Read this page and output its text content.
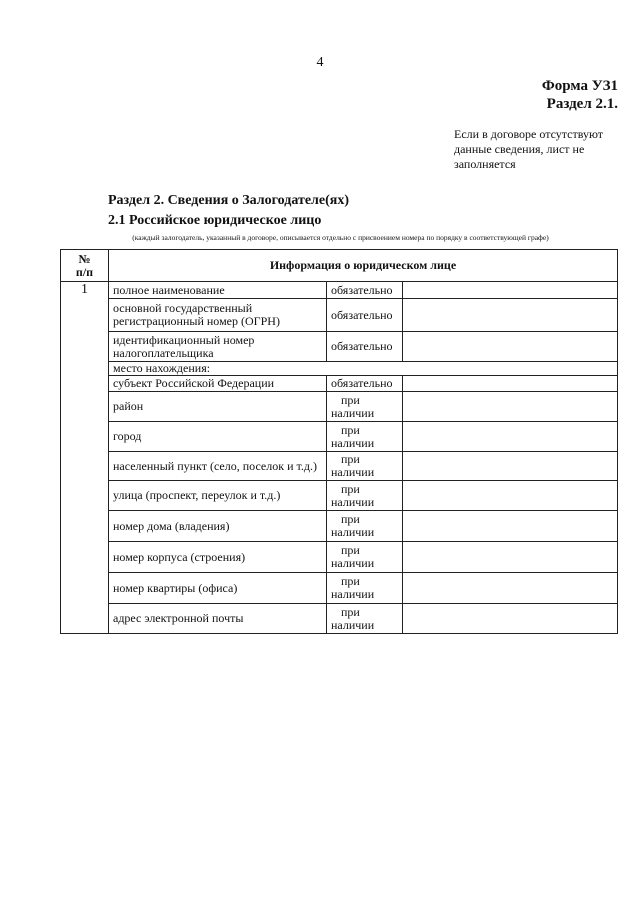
4
Форма УЗ1
Раздел 2.1.
Если в договоре отсутствуют данные сведения, лист не заполняется
Раздел 2. Сведения о Залогодателе(ях)
2.1 Российское юридическое лицо
(каждый залогодатель, указанный в договоре, описывается отдельно с присвоением номера по порядку в соответствующей графе)
№
п/п	Информация о юридическом лице		
1	полное наименование	обязательно	
	основной государственный регистрационный номер (ОГРН)	обязательно	
	идентификационный номер налогоплательщика	обязательно	
	место нахождения:		
	субъект Российской Федерации	обязательно	
	район	при
наличии	

	город	при
наличии	

	населенный пункт (село, поселок и т.д.)	при
наличии	

	улица (проспект, переулок и т.д.)	при
наличии	

	номер дома (владения)	при
наличии	

	номер корпуса (строения)	при
наличии	

	номер квартиры (офиса)	при
наличии	

	адрес электронной почты	при
наличии	
